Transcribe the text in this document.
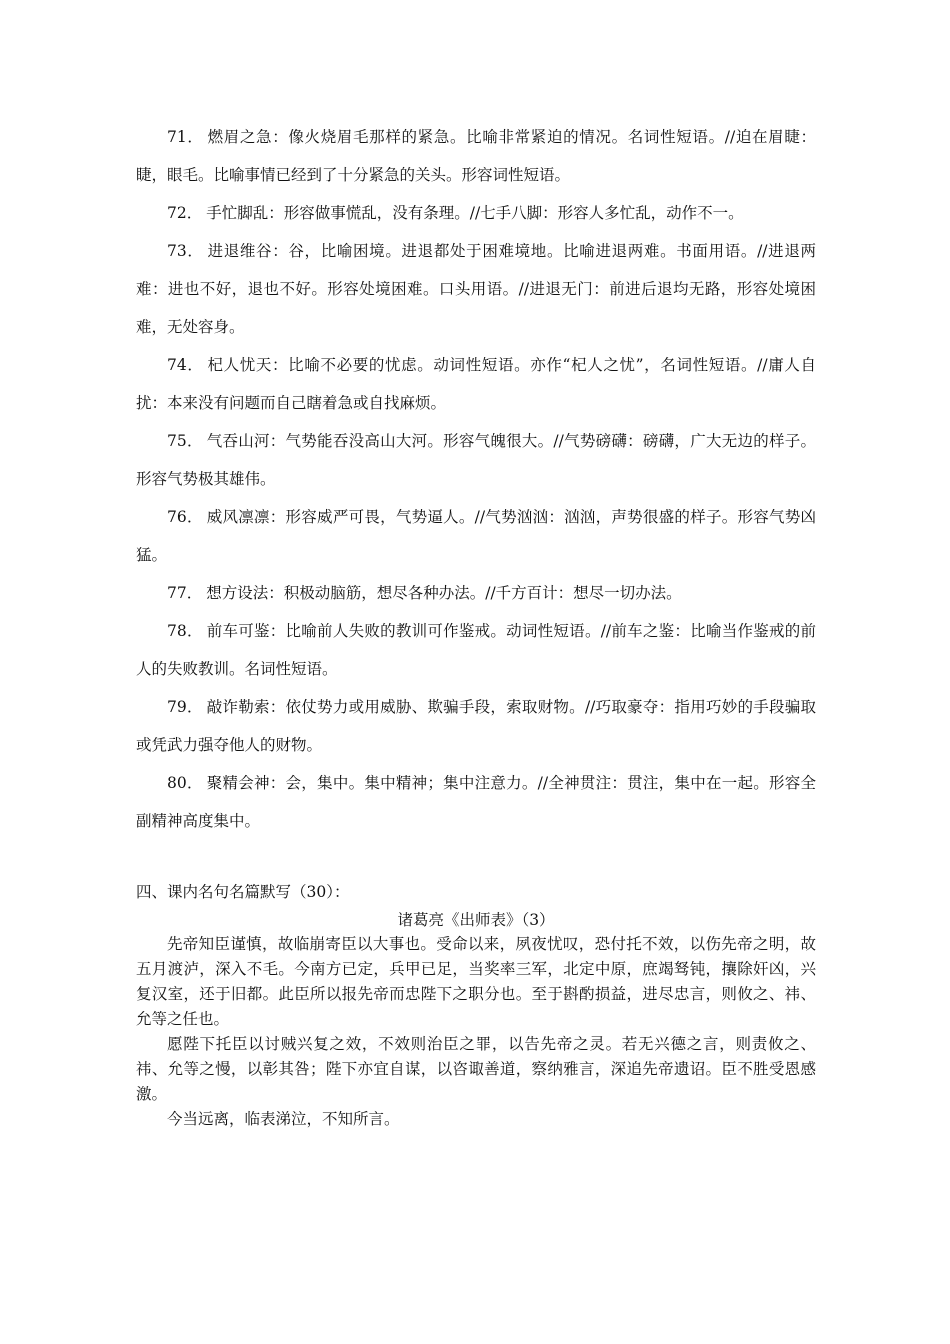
71． 燃眉之急：像火烧眉毛那样的紧急。比喻非常紧迫的情况。名词性短语。//迫在眉睫：睫，眼毛。比喻事情已经到了十分紧急的关头。形容词性短语。

72． 手忙脚乱：形容做事慌乱，没有条理。//七手八脚：形容人多忙乱，动作不一。

73． 进退维谷：谷，比喻困境。进退都处于困难境地。比喻进退两难。书面用语。//进退两难：进也不好，退也不好。形容处境困难。口头用语。//进退无门：前进后退均无路，形容处境困难，无处容身。

74． 杞人忧天：比喻不必要的忧虑。动词性短语。亦作“杞人之忧”，名词性短语。//庸人自扰：本来没有问题而自己瞎着急或自找麻烦。

75． 气吞山河：气势能吞没高山大河。形容气魄很大。//气势磅礴：磅礴，广大无边的样子。形容气势极其雄伟。

76． 威风凛凛：形容威严可畏，气势逼人。//气势汹汹：汹汹，声势很盛的样子。形容气势凶猛。

77． 想方设法：积极动脑筋，想尽各种办法。//千方百计：想尽一切办法。

78． 前车可鉴：比喻前人失败的教训可作鉴戒。动词性短语。//前车之鉴：比喻当作鉴戒的前人的失败教训。名词性短语。

79． 敲诈勒索：依仗势力或用威胁、欺骗手段，索取财物。//巧取豪夺：指用巧妙的手段骗取或凭武力强夺他人的财物。

80． 聚精会神：会，集中。集中精神；集中注意力。//全神贯注：贯注，集中在一起。形容全副精神高度集中。

四、课内名句名篇默写（30）：

诸葛亮《出师表》（3）

先帝知臣谨慎，故临崩寄臣以大事也。受命以来，夙夜忧叹，恐付托不效，以伤先帝之明，故五月渡泸，深入不毛。今南方已定，兵甲已足，当奖率三军，北定中原，庶竭驽钝，攘除奸凶，兴复汉室，还于旧都。此臣所以报先帝而忠陛下之职分也。至于斟酌损益，进尽忠言，则攸之、祎、允等之任也。

愿陛下托臣以讨贼兴复之效，不效则治臣之罪，以告先帝之灵。若无兴德之言，则责攸之、祎、允等之慢，以彰其咎；陛下亦宜自谋，以咨诹善道，察纳雅言，深追先帝遗诏。臣不胜受恩感激。

今当远离，临表涕泣，不知所言。
